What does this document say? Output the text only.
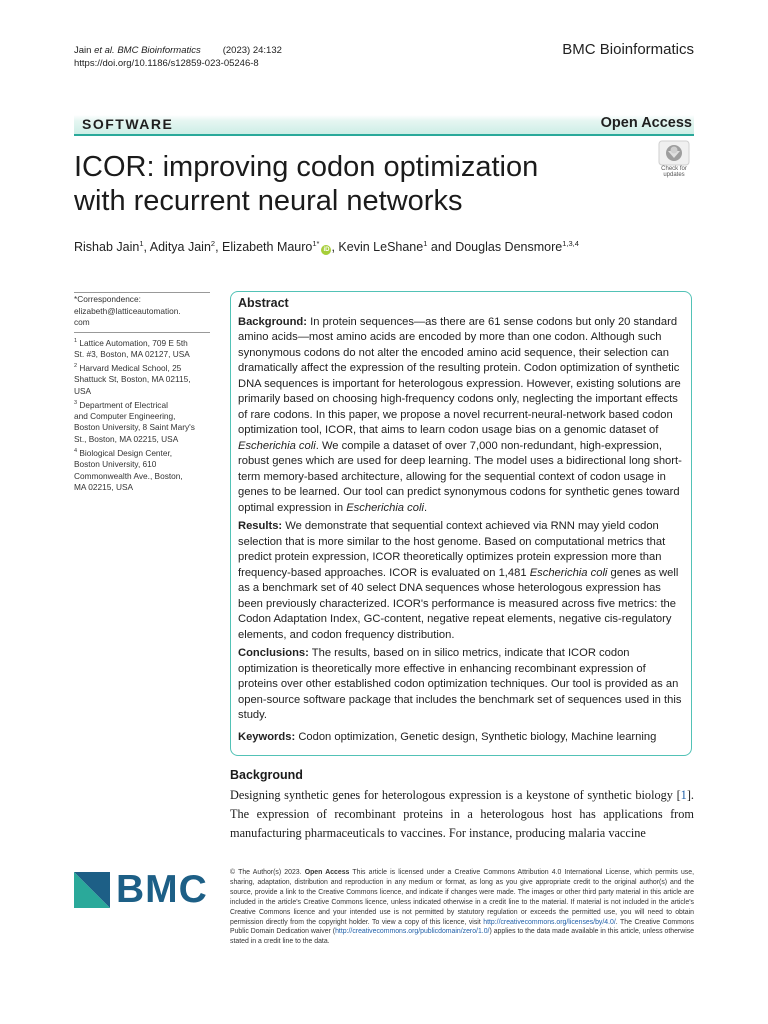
Jain et al. BMC Bioinformatics (2023) 24:132
https://doi.org/10.1186/s12859-023-05246-8
BMC Bioinformatics
SOFTWARE	Open Access
ICOR: improving codon optimization
with recurrent neural networks
Check for
updates
Rishab Jain$^1$, Aditya Jain$^2$, Elizabeth Mauro$^{1*}$iD , Kevin LeShane$^1$ and Douglas Densmore$^{1,3,4}$
*Correspondence:
elizabeth@latticeautomation.
com
$^1$ Lattice Automation, 709 E 5th
St. #3, Boston, MA 02127, USA
$^2$ Harvard Medical School, 25
Shattuck St, Boston, MA 02115,
USA
$^3$ Department of Electrical
and Computer Engineering,
Boston University, 8 Saint Mary's
St., Boston, MA 02215, USA
$^4$ Biological Design Center,
Boston University, 610
Commonwealth Ave., Boston,
MA 02215, USA
Abstract

Background: In protein sequences—as there are 61 sense codons but only 20 standard amino acids—most amino acids are encoded by more than one codon. Although such synonymous codons do not alter the encoded amino acid sequence, their selection can dramatically affect the expression of the resulting protein. Codon optimization of synthetic DNA sequences is important for heterologous expression. However, existing solutions are primarily based on choosing high-frequency codons only, neglecting the important effects of rare codons. In this paper, we propose a novel recurrent-neural-network based codon optimization tool, ICOR, that aims to learn codon usage bias on a genomic dataset of Escherichia coli. We compile a dataset of over 7,000 non-redundant, high-expression, robust genes which are used for deep learning. The model uses a bidirectional long short-term memory-based architecture, allowing for the sequential context of codon usage in genes to be learned. Our tool can predict synonymous codons for synthetic genes toward optimal expression in Escherichia coli.

Results: We demonstrate that sequential context achieved via RNN may yield codon selection that is more similar to the host genome. Based on computational metrics that predict protein expression, ICOR theoretically optimizes protein expression more than frequency-based approaches. ICOR is evaluated on 1,481 Escherichia coli genes as well as a benchmark set of 40 select DNA sequences whose heterologous expression has been previously characterized. ICOR's performance is measured across five metrics: the Codon Adaptation Index, GC-content, negative repeat elements, negative cis-regulatory elements, and codon frequency distribution.

Conclusions: The results, based on in silico metrics, indicate that ICOR codon optimization is theoretically more effective in enhancing recombinant expression of proteins over other established codon optimization techniques. Our tool is provided as an open-source software package that includes the benchmark set of sequences used in this study.

Keywords: Codon optimization, Genetic design, Synthetic biology, Machine learning

Background
Designing synthetic genes for heterologous expression is a keystone of synthetic biology [1]. The expression of recombinant proteins in a heterologous host has applications from manufacturing pharmaceuticals to vaccines. For instance, producing malaria vaccine
BMC	© The Author(s) 2023. Open Access This article is licensed under a Creative Commons Attribution 4.0 International License, which permits use, sharing, adaptation, distribution and reproduction in any medium or format, as long as you give appropriate credit to the original author(s) and the source, provide a link to the Creative Commons licence, and indicate if changes were made. The images or other third party material in this article are included in the article's Creative Commons licence, unless indicated otherwise in a credit line to the material. If material is not included in the article's Creative Commons licence and your intended use is not permitted by statutory regulation or exceeds the permitted use, you will need to obtain permission directly from the copyright holder. To view a copy of this licence, visit http://creativecommons.org/licenses/by/4.0/. The Creative Commons Public Domain Dedication waiver (http://creativecommons.org/publicdomain/zero/1.0/) applies to the data made available in this article, unless otherwise stated in a credit line to the data.
